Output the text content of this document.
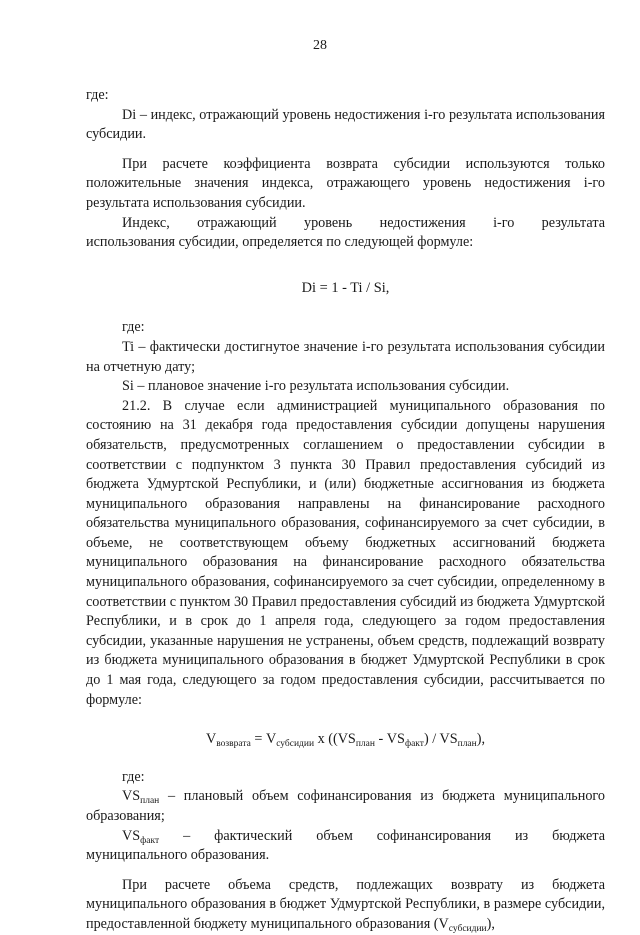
28

где:

Di – индекс, отражающий уровень недостижения i-го результата использования субсидии.

При расчете коэффициента возврата субсидии используются только положительные значения индекса, отражающего уровень недостижения i-го результата использования субсидии.

Индекс, отражающий уровень недостижения i-го результата

использования субсидии, определяется по следующей формуле:

Di = 1 - Ti / Si,

где:

Ti – фактически достигнутое значение i-го результата использования субсидии на отчетную дату;

Si – плановое значение i-го результата использования субсидии.

21.2. В случае если администрацией муниципального образования по состоянию на 31 декабря года предоставления субсидии допущены нарушения обязательств, предусмотренных соглашением о предоставлении субсидии в соответствии с подпунктом 3 пункта 30 Правил предоставления субсидий из бюджета Удмуртской Республики, и (или) бюджетные ассигнования из бюджета муниципального образования направлены на финансирование расходного обязательства муниципального образования, софинансируемого за счет субсидии, в объеме, не соответствующем объему бюджетных ассигнований бюджета муниципального образования на финансирование расходного обязательства муниципального образования, софинансируемого за счет субсидии, определенному в соответствии с пунктом 30 Правил предоставления субсидий из бюджета Удмуртской Республики, и в срок до 1 апреля года, следующего за годом предоставления субсидии, указанные нарушения не устранены, объем средств, подлежащий возврату из бюджета муниципального образования в бюджет Удмуртской Республики в срок до 1 мая года, следующего за годом предоставления субсидии, рассчитывается по формуле:

$V_{возврата} = V_{субсидии}$ x $((VS_{план} - VS_{факт}) / VS_{план})$,

где:

$VS_{план}$ – плановый объем софинансирования из бюджета муниципального образования;

$VS_{факт}$ – фактический объем софинансирования из бюджета

муниципального образования.

При расчете объема средств, подлежащих возврату из бюджета муниципального образования в бюджет Удмуртской Республики, в размере субсидии, предоставленной бюджету муниципального образования $(V_{субсидии})$,
